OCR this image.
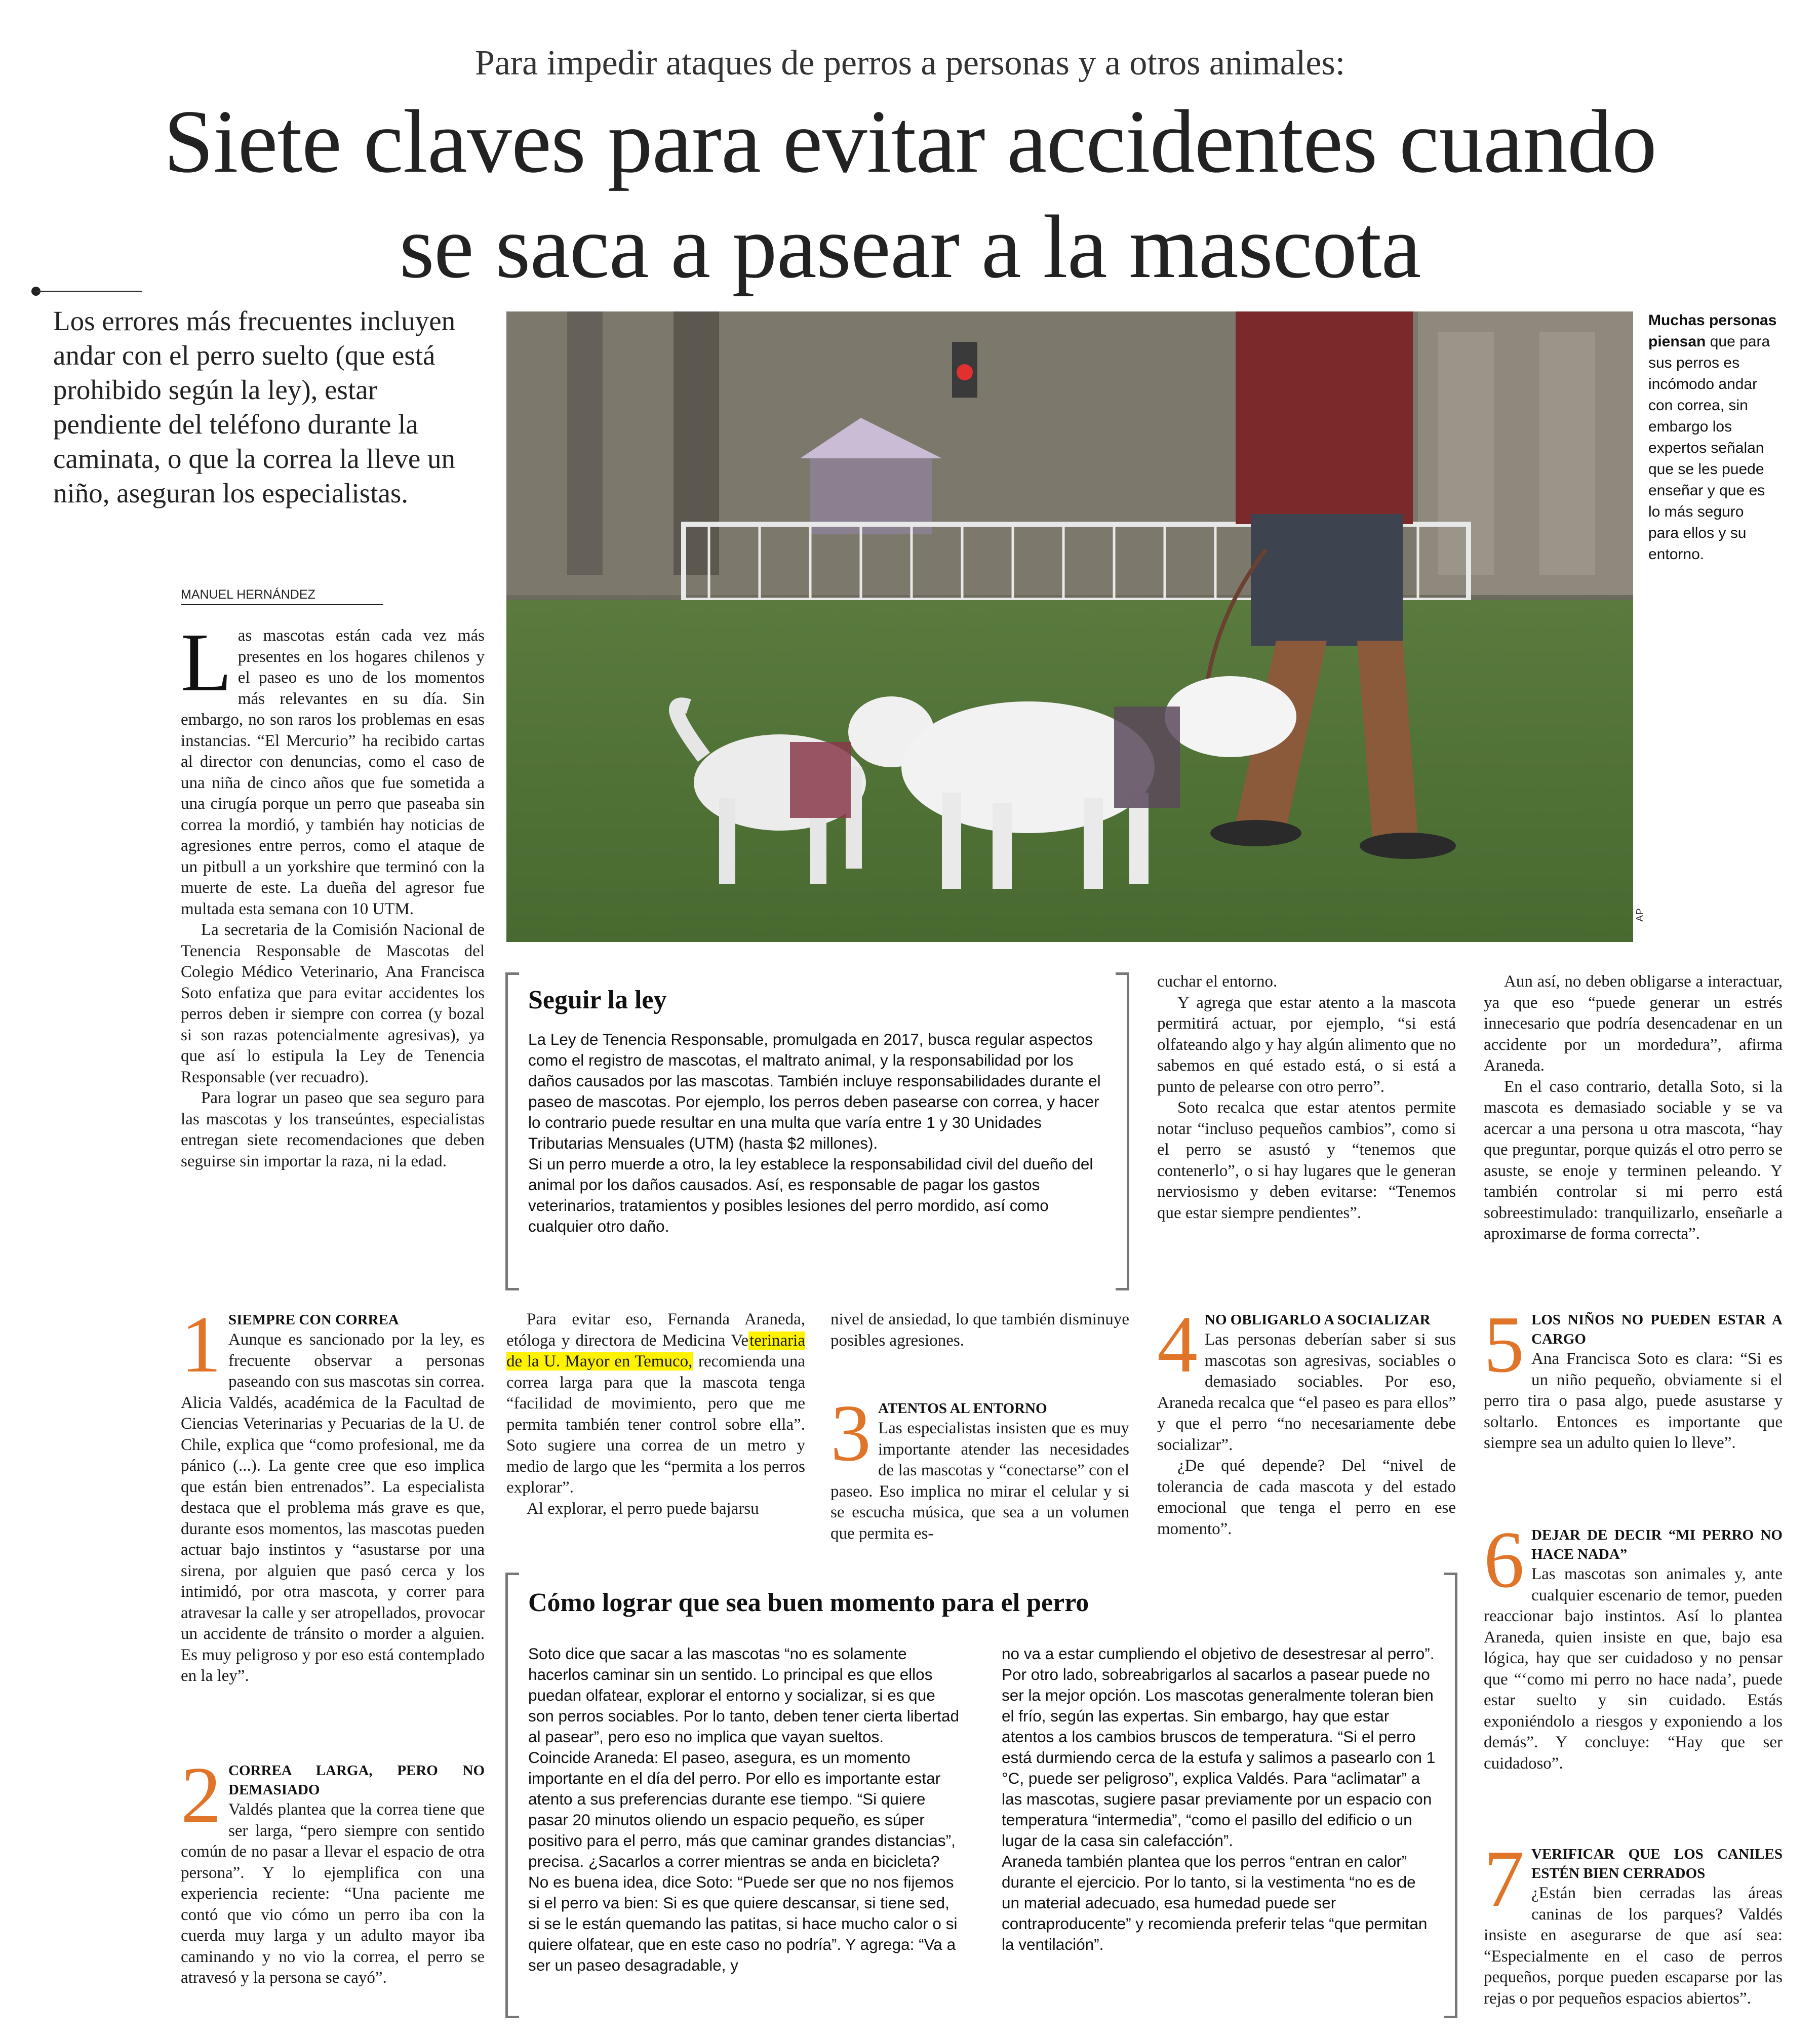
Para impedir ataques de perros a personas y a otros animales:
Siete claves para evitar accidentes cuando
se saca a pasear a la mascota
Los errores más frecuentes incluyen andar con el perro suelto (que está prohibido según la ley), estar pendiente del teléfono durante la caminata, o que la correa la lleve un niño, aseguran los especialistas.
MANUEL HERNÁNDEZ
AP
Muchas personas piensan que para sus perros es incómodo andar con correa, sin embargo los expertos señalan que se les puede enseñar y que es lo más seguro para ellos y su entorno.

Las mascotas están cada vez más presentes en los hogares chilenos y el paseo es uno de los momentos más relevantes en su día. Sin embargo, no son raros los problemas en esas instancias. “El Mercurio” ha recibido cartas al director con denuncias, como el caso de una niña de cinco años que fue sometida a una cirugía porque un perro que paseaba sin correa la mordió, y también hay noticias de agresiones entre perros, como el ataque de un pitbull a un yorkshire que terminó con la muerte de este. La dueña del agresor fue multada esta semana con 10 UTM.

La secretaria de la Comisión Nacional de Tenencia Responsable de Mascotas del Colegio Médico Veterinario, Ana Francisca Soto enfatiza que para evitar accidentes los perros deben ir siempre con correa (y bozal si son razas potencialmente agresivas), ya que así lo estipula la Ley de Tenencia Responsable (ver recuadro).

Para lograr un paseo que sea seguro para las mascotas y los transeúntes, especialistas entregan siete recomendaciones que deben seguirse sin importar la raza, ni la edad.

Seguir la ley

La Ley de Tenencia Responsable, promulgada en 2017, busca regular aspectos como el registro de mascotas, el maltrato animal, y la responsabilidad por los daños causados por las mascotas. También incluye responsabilidades durante el paseo de mascotas. Por ejemplo, los perros deben pasearse con correa, y hacer lo contrario puede resultar en una multa que varía entre 1 y 30 Unidades Tributarias Mensuales (UTM) (hasta $2 millones).

Si un perro muerde a otro, la ley establece la responsabilidad civil del dueño del animal por los daños causados. Así, es responsable de pagar los gastos veterinarios, tratamientos y posibles lesiones del perro mordido, así como cualquier otro daño.

cuchar el entorno.

Y agrega que estar atento a la mascota permitirá actuar, por ejemplo, “si está olfateando algo y hay algún alimento que no sabemos en qué estado está, o si está a punto de pelearse con otro perro”.

Soto recalca que estar atentos permite notar “incluso pequeños cambios”, como si el perro se asustó y “tenemos que contenerlo”, o si hay lugares que le generan nerviosismo y deben evitarse: “Tenemos que estar siempre pendientes”.

Aun así, no deben obligarse a interactuar, ya que eso “puede generar un estrés innecesario que podría desencadenar en un accidente por un mordedura”, afirma Araneda.

En el caso contrario, detalla Soto, si la mascota es demasiado sociable y se va acercar a una persona u otra mascota, “hay que preguntar, porque quizás el otro perro se asuste, se enoje y terminen peleando. Y también controlar si mi perro está sobreestimulado: tranquilizarlo, enseñarle a aproximarse de forma correcta”.

1 SIEMPRE CON CORREA

Aunque es sancionado por la ley, es frecuente observar a personas paseando con sus mascotas sin correa. Alicia Valdés, académica de la Facultad de Ciencias Veterinarias y Pecuarias de la U. de Chile, explica que “como profesional, me da pánico (...). La gente cree que eso implica que están bien entrenados”. La especialista destaca que el problema más grave es que, durante esos momentos, las mascotas pueden actuar bajo instintos y “asustarse por una sirena, por alguien que pasó cerca y los intimidó, por otra mascota, y correr para atravesar la calle y ser atropellados, provocar un accidente de tránsito o morder a alguien. Es muy peligroso y por eso está contemplado en la ley”.

2 CORREA LARGA, PERO NO DEMASIADO

Valdés plantea que la correa tiene que ser larga, “pero siempre con sentido común de no pasar a llevar el espacio de otra persona”. Y lo ejemplifica con una experiencia reciente: “Una paciente me contó que vio cómo un perro iba con la cuerda muy larga y un adulto mayor iba caminando y no vio la correa, el perro se atravesó y la persona se cayó”.

Para evitar eso, Fernanda Araneda, etóloga y directora de Medicina Veterinaria de la U. Mayor en Temuco, recomienda una correa larga para que la mascota tenga “facilidad de movimiento, pero que me permita también tener control sobre ella”. Soto sugiere una correa de un metro y medio de largo que les “permita a los perros explorar”.

Al explorar, el perro puede bajarsu

nivel de ansiedad, lo que también disminuye posibles agresiones.

3 ATENTOS AL ENTORNO

Las especialistas insisten que es muy importante atender las necesidades de las mascotas y “conectarse” con el paseo. Eso implica no mirar el celular y si se escucha música, que sea a un volumen que permita es-

4 NO OBLIGARLO A SOCIALIZAR

Las personas deberían saber si sus mascotas son agresivas, sociables o demasiado sociables. Por eso, Araneda recalca que “el paseo es para ellos” y que el perro “no necesariamente debe socializar”.

¿De qué depende? Del “nivel de tolerancia de cada mascota y del estado emocional que tenga el perro en ese momento”.

5 LOS NIÑOS NO PUEDEN ESTAR A CARGO

Ana Francisca Soto es clara: “Si es un niño pequeño, obviamente si el perro tira o pasa algo, puede asustarse y soltarlo. Entonces es importante que siempre sea un adulto quien lo lleve”.

6 DEJAR DE DECIR “MI PERRO NO HACE NADA”

Las mascotas son animales y, ante cualquier escenario de temor, pueden reaccionar bajo instintos. Así lo plantea Araneda, quien insiste en que, bajo esa lógica, hay que ser cuidadoso y no pensar que “‘como mi perro no hace nada’, puede estar suelto y sin cuidado. Estás exponiéndolo a riesgos y exponiendo a los demás”. Y concluye: “Hay que ser cuidadoso”.

7 VERIFICAR QUE LOS CANILES ESTÉN BIEN CERRADOS

¿Están bien cerradas las áreas caninas de los parques? Valdés insiste en asegurarse de que así sea: “Especialmente en el caso de perros pequeños, porque pueden escaparse por las rejas o por pequeños espacios abiertos”.

Cómo lograr que sea buen momento para el perro

Soto dice que sacar a las mascotas “no es solamente hacerlos caminar sin un sentido. Lo principal es que ellos puedan olfatear, explorar el entorno y socializar, si es que son perros sociables. Por lo tanto, deben tener cierta libertad al pasear”, pero eso no implica que vayan sueltos.

Coincide Araneda: El paseo, asegura, es un momento importante en el día del perro. Por ello es importante estar atento a sus preferencias durante ese tiempo. “Si quiere pasar 20 minutos oliendo un espacio pequeño, es súper positivo para el perro, más que caminar grandes distancias”, precisa. ¿Sacarlos a correr mientras se anda en bicicleta? No es buena idea, dice Soto: “Puede ser que no nos fijemos si el perro va bien: Si es que quiere descansar, si tiene sed, si se le están quemando las patitas, si hace mucho calor o si quiere olfatear, que en este caso no podría”. Y agrega: “Va a ser un paseo desagradable, y

no va a estar cumpliendo el objetivo de desestresar al perro”.

Por otro lado, sobreabrigarlos al sacarlos a pasear puede no ser la mejor opción. Los mascotas generalmente toleran bien el frío, según las expertas. Sin embargo, hay que estar atentos a los cambios bruscos de temperatura. “Si el perro está durmiendo cerca de la estufa y salimos a pasearlo con 1 °C, puede ser peligroso”, explica Valdés. Para “aclimatar” a las mascotas, sugiere pasar previamente por un espacio con temperatura “intermedia”, “como el pasillo del edificio o un lugar de la casa sin calefacción”.

Araneda también plantea que los perros “entran en calor” durante el ejercicio. Por lo tanto, si la vestimenta “no es de un material adecuado, esa humedad puede ser contraproducente” y recomienda preferir telas “que permitan la ventilación”.
